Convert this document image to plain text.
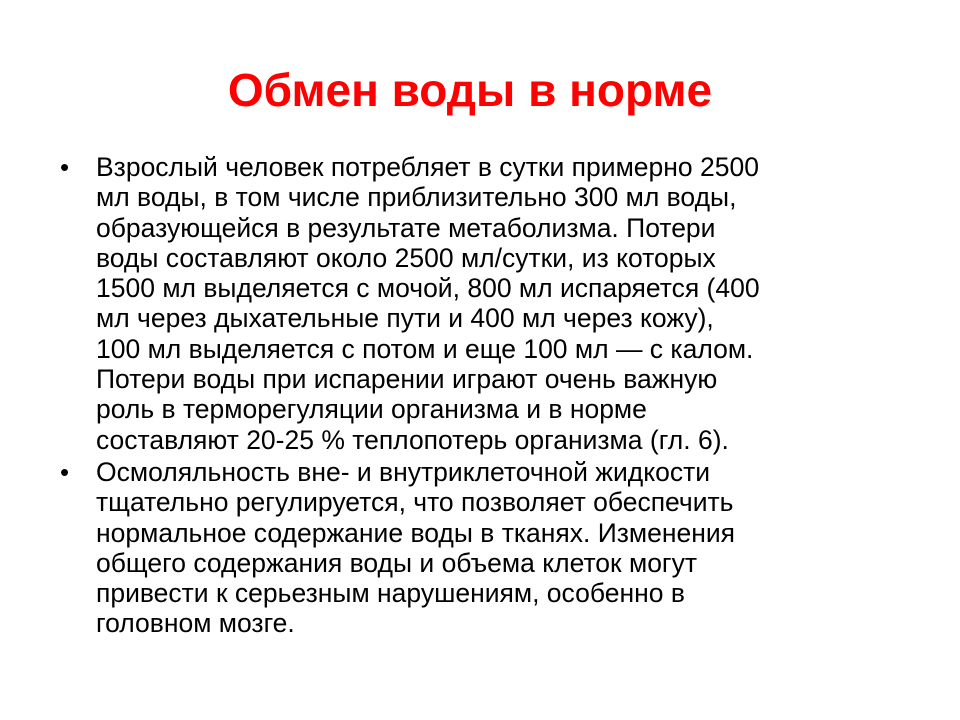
Обмен воды в норме
• Взрослый человек потребляет в сутки примерно 2500
мл воды, в том числе приблизительно 300 мл воды,
образующейся в результате метаболизма. Потери
воды составляют около 2500 мл/сутки, из которых
1500 мл выделяется с мочой, 800 мл испаряется (400
мл через дыхательные пути и 400 мл через кожу),
100 мл выделяется с потом и еще 100 мл — с калом.
Потери воды при испарении играют очень важную
роль в терморегуляции организма и в норме
составляют 20-25 % теплопотерь организма (гл. 6).
• Осмоляльность вне- и внутриклеточной жидкости
тщательно регулируется, что позволяет обеспечить
нормальное содержание воды в тканях. Изменения
общего содержания воды и объема клеток могут
привести к серьезным нарушениям, особенно в
головном мозге.
